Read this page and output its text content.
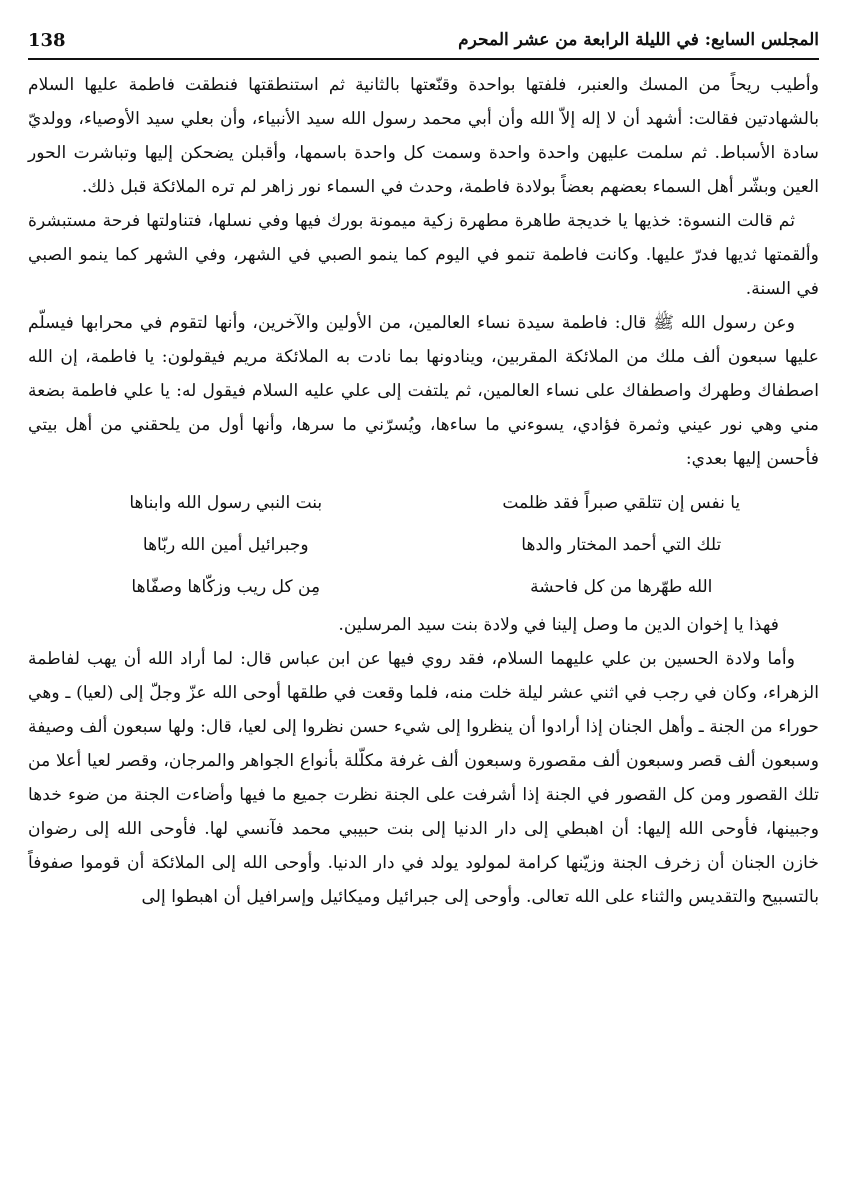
المجلس السابع: في الليلة الرابعة من عشر المحرم
138

وأطيب ريحاً من المسك والعنبر، فلفتها بواحدة وقنّعتها بالثانية ثم استنطقتها فنطقت فاطمة عليها السلام بالشهادتين فقالت: أشهد أن لا إله إلاّ الله وأن أبي محمد رسول الله سيد الأنبياء، وأن بعلي سيد الأوصياء، وولديّ سادة الأسباط. ثم سلمت عليهن واحدة واحدة وسمت كل واحدة باسمها، وأقبلن يضحكن إليها وتباشرت الحور العين وبشّر أهل السماء بعضهم بعضاً بولادة فاطمة، وحدث في السماء نور زاهر لم تره الملائكة قبل ذلك.

ثم قالت النسوة: خذيها يا خديجة طاهرة مطهرة زكية ميمونة بورك فيها وفي نسلها، فتناولتها فرحة مستبشرة وألقمتها ثديها فدرّ عليها. وكانت فاطمة تنمو في اليوم كما ينمو الصبي في الشهر، وفي الشهر كما ينمو الصبي في السنة.

وعن رسول الله ﷺ قال: فاطمة سيدة نساء العالمين، من الأولين والآخرين، وأنها لتقوم في محرابها فيسلّم عليها سبعون ألف ملك من الملائكة المقربين، وينادونها بما نادت به الملائكة مريم فيقولون: يا فاطمة، إن الله اصطفاك وطهرك واصطفاك على نساء العالمين، ثم يلتفت إلى علي عليه السلام فيقول له: يا علي فاطمة بضعة مني وهي نور عيني وثمرة فؤادي، يسوءني ما ساءها، ويُسرّني ما سرها، وأنها أول من يلحقني من أهل بيتي فأحسن إليها بعدي:

يا نفس إن تتلقي صبراً فقد ظلمت
بنت النبي رسول الله وابناها
تلك التي أحمد المختار والدها
وجبرائيل أمين الله ربّاها
الله طهّرها من كل فاحشة
مِن كل ريب وزكّاها وصفّاها

فهذا يا إخوان الدين ما وصل إلينا في ولادة بنت سيد المرسلين.

وأما ولادة الحسين بن علي عليهما السلام، فقد روي فيها عن ابن عباس قال: لما أراد الله أن يهب لفاطمة الزهراء، وكان في رجب في اثني عشر ليلة خلت منه، فلما وقعت في طلقها أوحى الله عزّ وجلّ إلى (لعيا) ـ وهي حوراء من الجنة ـ وأهل الجنان إذا أرادوا أن ينظروا إلى شيء حسن نظروا إلى لعيا، قال: ولها سبعون ألف وصيفة وسبعون ألف قصر وسبعون ألف مقصورة وسبعون ألف غرفة مكلّلة بأنواع الجواهر والمرجان، وقصر لعيا أعلا من تلك القصور ومن كل القصور في الجنة إذا أشرفت على الجنة نظرت جميع ما فيها وأضاءت الجنة من ضوء خدها وجبينها، فأوحى الله إليها: أن اهبطي إلى دار الدنيا إلى بنت حبيبي محمد فآنسي لها. فأوحى الله إلى رضوان خازن الجنان أن زخرف الجنة وزيّنها كرامة لمولود يولد في دار الدنيا. وأوحى الله إلى الملائكة أن قوموا صفوفاً بالتسبيح والتقديس والثناء على الله تعالى. وأوحى إلى جبرائيل وميكائيل وإسرافيل أن اهبطوا إلى
